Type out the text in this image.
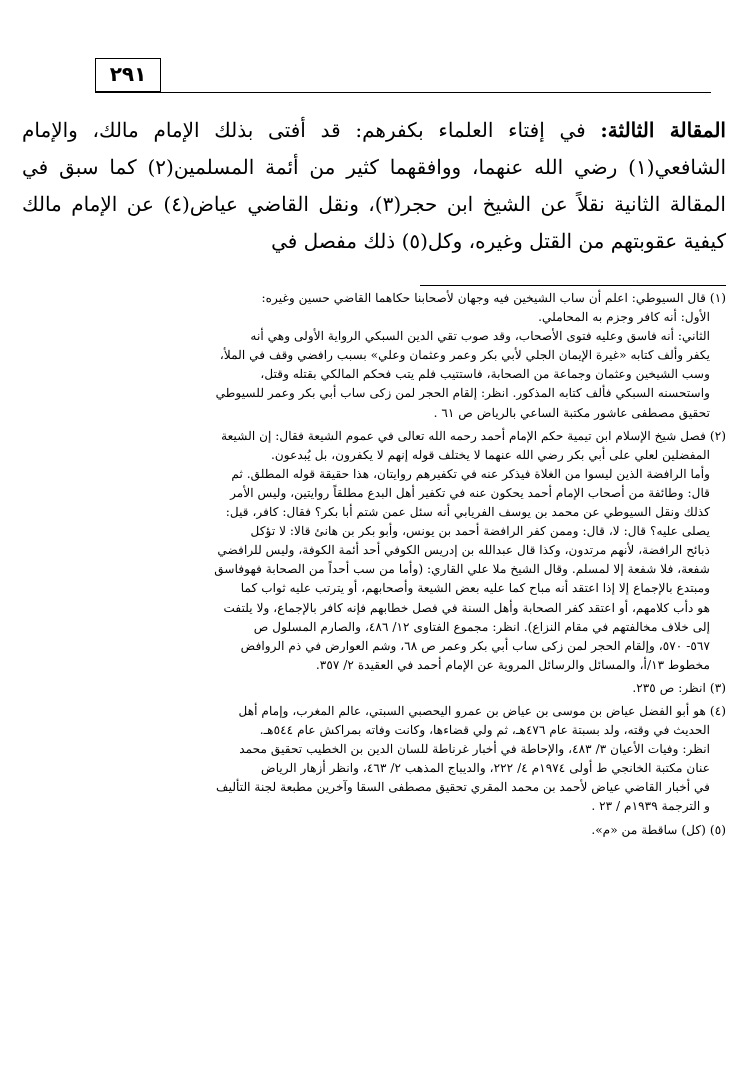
٢٩١
المقالة الثالثة: في إفتاء العلماء بكفرهم: قد أفتى بذلك الإمام مالك، والإمام الشافعي(١) رضي الله عنهما، ووافقهما كثير من أئمة المسلمين(٢) كما سبق في المقالة الثانية نقلاً عن الشيخ ابن حجر(٣)، ونقل القاضي عياض(٤) عن الإمام مالك كيفية عقوبتهم من القتل وغيره، وكل(٥) ذلك مفصل في
(١)قال السيوطي: اعلم أن ساب الشيخين فيه وجهان لأصحابنا حكاهما القاضي حسين وغيره:
الأول: أنه كافر وجزم به المحاملي.
الثاني: أنه فاسق وعليه فتوى الأصحاب، وقد صوب تقي الدين السبكي الرواية الأولى وهي أنه
يكفر وألف كتابه «غيرة الإيمان الجلي لأبي بكر وعمر وعثمان وعلي» بسبب رافضي وقف في الملأ،
وسب الشيخين وعثمان وجماعة من الصحابة، فاستتيب فلم يتب فحكم المالكي بقتله وقتل،
واستحسنه السبكي فألف كتابه المذكور. انظر: إلقام الحجر لمن زكى ساب أبي بكر وعمر للسيوطي
تحقيق مصطفى عاشور مكتبة الساعي بالرياض ص ٦١ .
(٢)فصل شيخ الإسلام ابن تيمية حكم الإمام أحمد رحمه الله تعالى في عموم الشيعة فقال: إن الشيعة
المفضلين لعلي على أبي بكر رضي الله عنهما لا يختلف قوله إنهم لا يكفرون، بل يُبدعون.
وأما الرافضة الذين ليسوا من الغلاة فيذكر عنه في تكفيرهم روايتان، هذا حقيقة قوله المطلق. ثم
قال: وطائفة من أصحاب الإمام أحمد يحكون عنه في تكفير أهل البدع مطلقاً روايتين، وليس الأمر
كذلك ونقل السيوطي عن محمد بن يوسف الفريابي أنه سئل عمن شتم أبا بكر؟ فقال: كافر، قيل:
يصلى عليه؟ قال: لا، قال: وممن كفر الرافضة أحمد بن يونس، وأبو بكر بن هانئ قالا: لا تؤكل
ذبائح الرافضة، لأنهم مرتدون، وكذا قال عبدالله بن إدريس الكوفي أحد أئمة الكوفة، وليس للرافضي
شفعة، فلا شفعة إلا لمسلم. وقال الشيخ ملا علي القاري: (وأما من سب أحداً من الصحابة فهوفاسق
ومبتدع بالإجماع إلا إذا اعتقد أنه مباح كما عليه بعض الشيعة وأصحابهم، أو يترتب عليه ثواب كما
هو دأب كلامهم، أو اعتقد كفر الصحابة وأهل السنة في فصل خطابهم فإنه كافر بالإجماع، ولا يلتفت
إلى خلاف مخالفتهم في مقام النزاع). انظر: مجموع الفتاوى ١٢/ ٤٨٦، والصارم المسلول ص
٥٦٧- ٥٧٠، وإلقام الحجر لمن زكى ساب أبي بكر وعمر ص ٦٨، وشم العوارض في ذم الروافض
مخطوط ١٣/أ، والمسائل والرسائل المروية عن الإمام أحمد في العقيدة ٢/ ٣٥٧.
(٣)انظر: ص ٢٣٥.
(٤)هو أبو الفضل عياض بن موسى بن عياض بن عمرو اليحصبي السبتي، عالم المغرب، وإمام أهل
الحديث في وقته، ولد بسبتة عام ٤٧٦هـ، ثم ولي قضاءها، وكانت وفاته بمراكش عام ٥٤٤هـ.
انظر: وفيات الأعيان ٣/ ٤٨٣، والإحاطة في أخبار غرناطة للسان الدين بن الخطيب تحقيق محمد
عنان مكتبة الخانجي ط أولى ١٩٧٤م ٤/ ٢٢٢، والديباج المذهب ٢/ ٤٦٣، وانظر أزهار الرياض
في أخبار القاضي عياض لأحمد بن محمد المقري تحقيق مصطفى السقا وآخرين مطبعة لجنة التأليف
و الترجمة ١٩٣٩م / ٢٣ .
(٥)(كل) ساقطة من «م».
